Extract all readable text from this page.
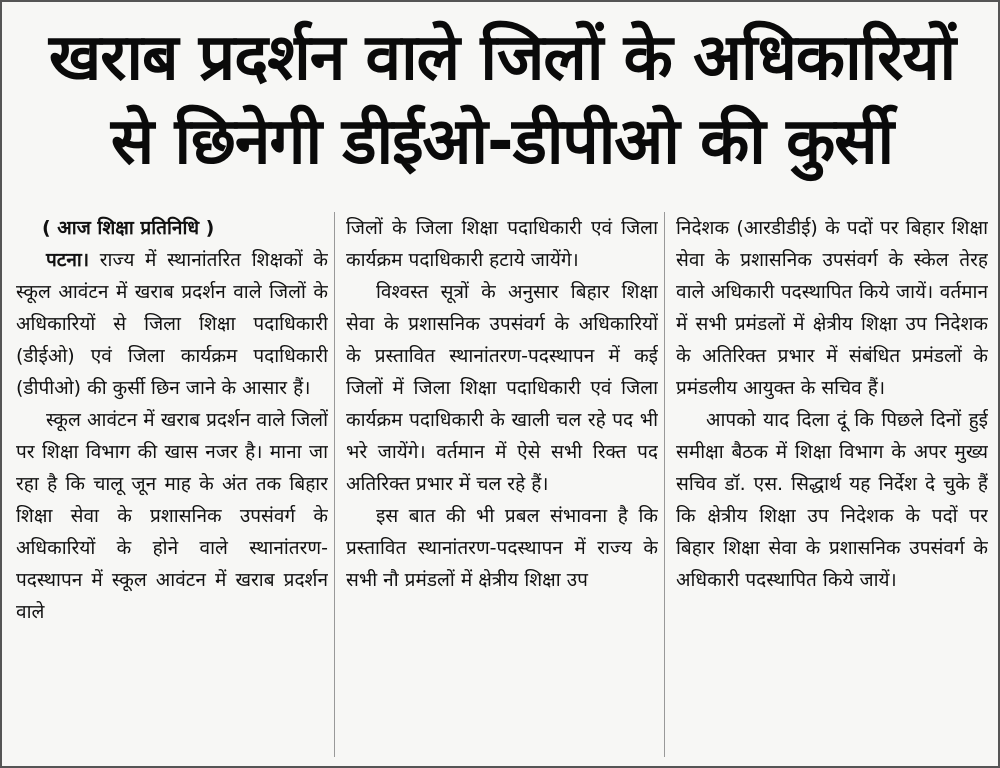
खराब प्रदर्शन वाले जिलों के अधिकारियों
से छिनेगी डीईओ-डीपीओ की कुर्सी

( आज शिक्षा प्रतिनिधि )

पटना। राज्य में स्थानांतरित शिक्षकों के स्कूल आवंटन में खराब प्रदर्शन वाले जिलों के अधिकारियों से जिला शिक्षा पदाधिकारी (डीईओ) एवं जिला कार्यक्रम पदाधिकारी (डीपीओ) की कुर्सी छिन जाने के आसार हैं।

स्कूल आवंटन में खराब प्रदर्शन वाले जिलों पर शिक्षा विभाग की खास नजर है। माना जा रहा है कि चालू जून माह के अंत तक बिहार शिक्षा सेवा के प्रशासनिक उपसंवर्ग के अधिकारियों के होने वाले स्थानांतरण-पदस्थापन में स्कूल आवंटन में खराब प्रदर्शन वाले

जिलों के जिला शिक्षा पदाधिकारी एवं जिला कार्यक्रम पदाधिकारी हटाये जायेंगे।

विश्वस्त सूत्रों के अनुसार बिहार शिक्षा सेवा के प्रशासनिक उपसंवर्ग के अधिकारियों के प्रस्तावित स्थानांतरण-पदस्थापन में कई जिलों में जिला शिक्षा पदाधिकारी एवं जिला कार्यक्रम पदाधिकारी के खाली चल रहे पद भी भरे जायेंगे। वर्तमान में ऐसे सभी रिक्त पद अतिरिक्त प्रभार में चल रहे हैं।

इस बात की भी प्रबल संभावना है कि प्रस्तावित स्थानांतरण-पदस्थापन में राज्य के सभी नौ प्रमंडलों में क्षेत्रीय शिक्षा उप

निदेशक (आरडीडीई) के पदों पर बिहार शिक्षा सेवा के प्रशासनिक उपसंवर्ग के स्केल तेरह वाले अधिकारी पदस्थापित किये जायें। वर्तमान में सभी प्रमंडलों में क्षेत्रीय शिक्षा उप निदेशक के अतिरिक्त प्रभार में संबंधित प्रमंडलों के प्रमंडलीय आयुक्त के सचिव हैं।

आपको याद दिला दूं कि पिछले दिनों हुई समीक्षा बैठक में शिक्षा विभाग के अपर मुख्य सचिव डॉ. एस. सिद्धार्थ यह निर्देश दे चुके हैं कि क्षेत्रीय शिक्षा उप निदेशक के पदों पर बिहार शिक्षा सेवा के प्रशासनिक उपसंवर्ग के अधिकारी पदस्थापित किये जायें।
